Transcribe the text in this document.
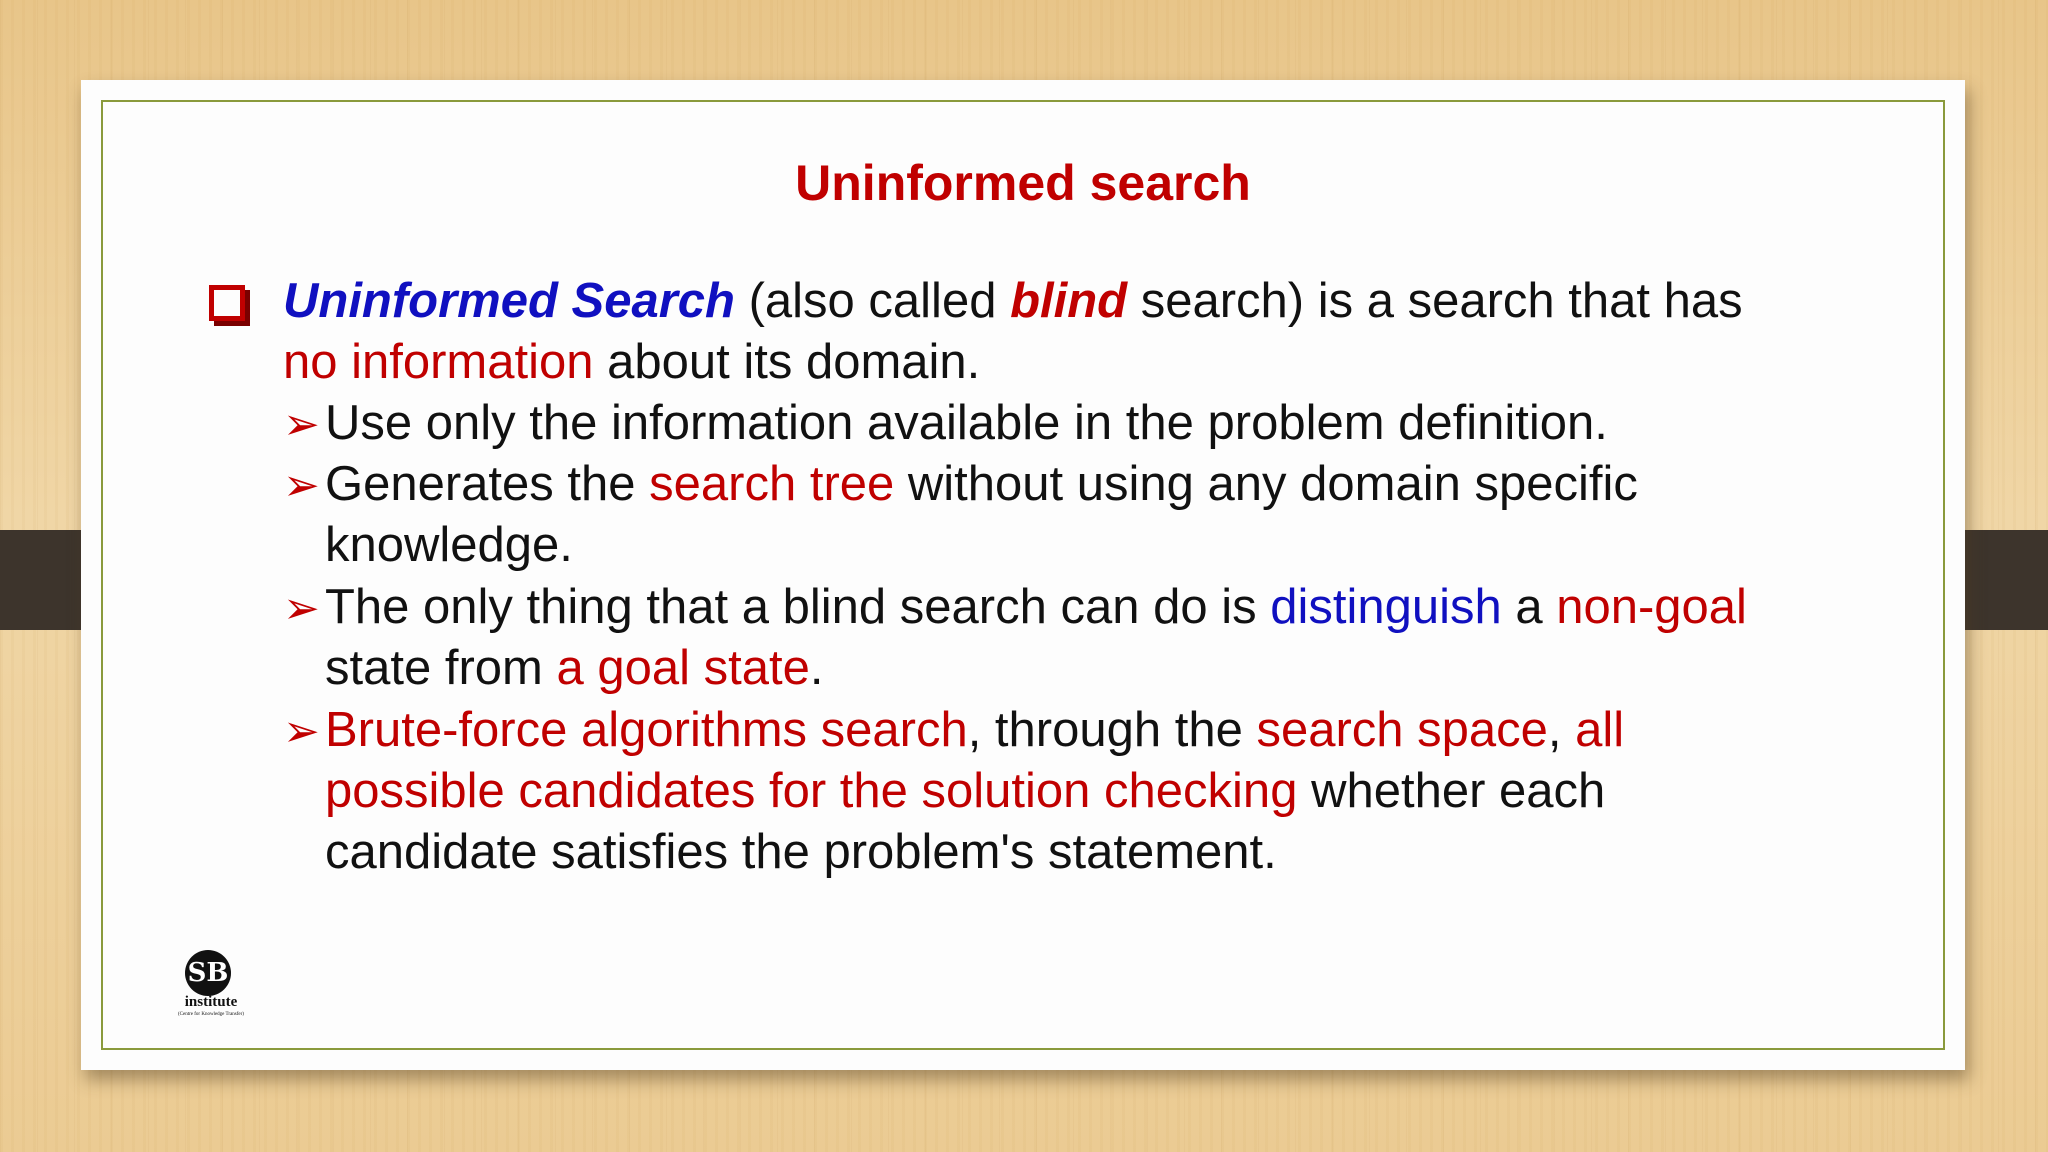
Uninformed search
Uninformed Search (also called blind search) is a search that has
no information about its domain.
➢ Use only the information available in the problem definition.
➢ Generates the search tree without using any domain specific
knowledge.
➢ The only thing that a blind search can do is distinguish a non-goal
state from a goal state.
➢ Brute-force algorithms search, through the search space, all
possible candidates for the solution checking whether each
candidate satisfies the problem's statement.
SB
institute
(Centre for Knowledge Transfer)
